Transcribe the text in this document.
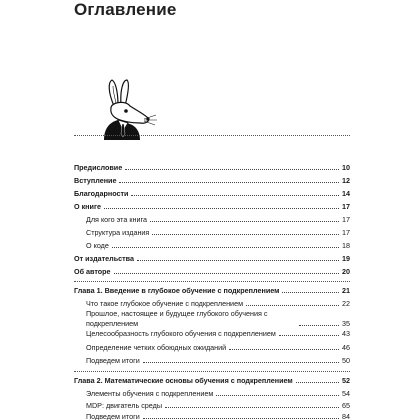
Оглавление
Предисловие	10
Вступление	12
Благодарности	14
О книге	17
Для кого эта книга	17
Структура издания	17
О коде	18
От издательства	19
Об авторе	20
Глава 1. Введение в глубокое обучение с подкреплением	21
Что такое глубокое обучение с подкреплением	22
Прошлое, настоящее и будущее глубокого обучения с подкреплением	35
Целесообразность глубокого обучения с подкреплением	43
Определение четких обоюдных ожиданий	46
Подведем итоги	50
Глава 2. Математические основы обучения с подкреплением	52
Элементы обучения с подкреплением	54
MDP: двигатель среды	65
Подведем итоги	84
